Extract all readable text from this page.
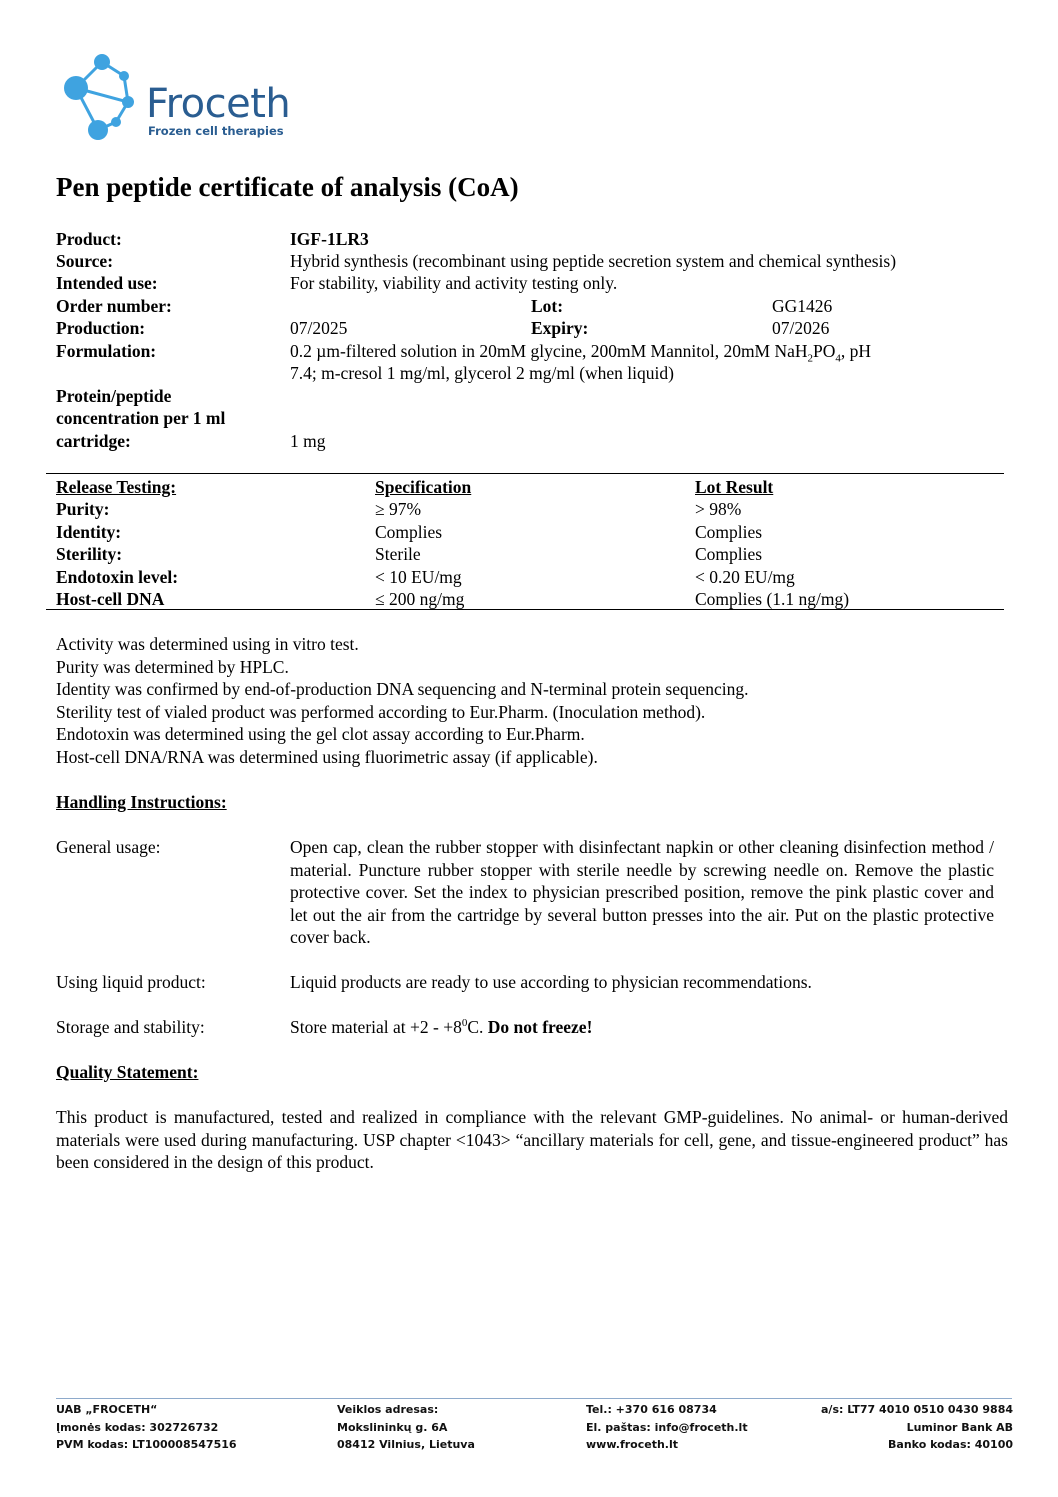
Froceth
Frozen cell therapies
Pen peptide certificate of analysis (CoA)
Product:	IGF-1LR3
Source:	Hybrid synthesis (recombinant using peptide secretion system and chemical synthesis)
Intended use:	For stability, viability and activity testing only.
Order number:	Lot:	GG1426
Production:	07/2025	Expiry:	07/2026
Formulation:	0.2 µm-filtered solution in 20mM glycine, 200mM Mannitol, 20mM $NaH_2PO_4$, pH
7.4; m-cresol 1 mg/ml, glycerol 2 mg/ml (when liquid)
Protein/peptide
concentration per 1 ml
cartridge:	1 mg
Release Testing:	Specification	Lot Result
Purity:	≥ 97%	> 98%
Identity:	Complies	Complies
Sterility:	Sterile	Complies
Endotoxin level:	< 10 EU/mg	< 0.20 EU/mg
Host-cell DNA	≤ 200 ng/mg	Complies (1.1 ng/mg)
Activity was determined using in vitro test.
Purity was determined by HPLC.
Identity was confirmed by end-of-production DNA sequencing and N-terminal protein sequencing.
Sterility test of vialed product was performed according to Eur.Pharm. (Inoculation method).
Endotoxin was determined using the gel clot assay according to Eur.Pharm.
Host-cell DNA/RNA was determined using fluorimetric assay (if applicable).
Handling Instructions:
General usage:	Open cap, clean the rubber stopper with disinfectant napkin or other cleaning disinfection method / material. Puncture rubber stopper with sterile needle by screwing needle on. Remove the plastic protective cover. Set the index to physician prescribed position, remove the pink plastic cover and let out the air from the cartridge by several button presses into the air. Put on the plastic protective cover back.
Using liquid product:	Liquid products are ready to use according to physician recommendations.
Storage and stability:	Store material at $+2 - +8^0C$. Do not freeze!
Quality Statement:
This product is manufactured, tested and realized in compliance with the relevant GMP-guidelines. No animal- or human-derived materials were used during manufacturing. USP chapter <1043> “ancillary materials for cell, gene, and tissue-engineered product” has been considered in the design of this product.
UAB „FROCETH“
Įmonės kodas: 302726732
PVM kodas: LT100008547516
Veiklos adresas:
Mokslininkų g. 6A
08412 Vilnius, Lietuva
Tel.: +370 616 08734
El. paštas: info@froceth.lt
www.froceth.lt
a/s: LT77 4010 0510 0430 9884
Luminor Bank AB
Banko kodas: 40100
